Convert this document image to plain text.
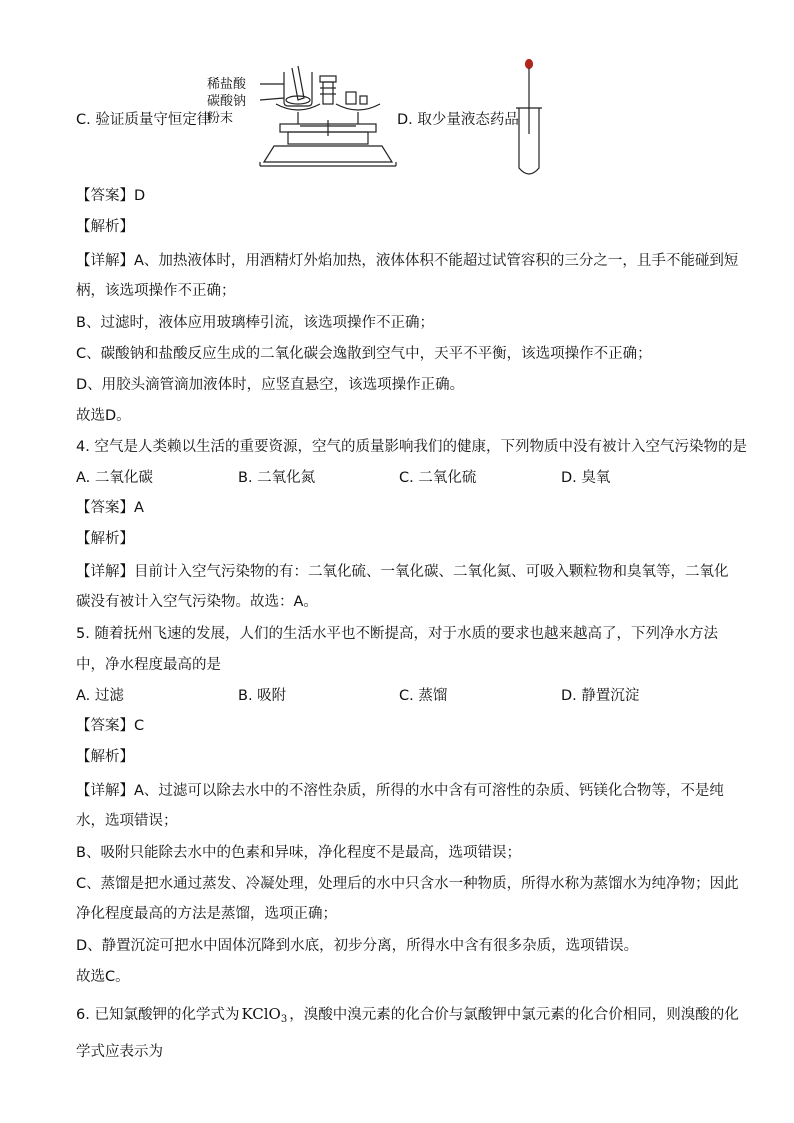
C. 验证质量守恒定律
稀盐酸
碳酸钠
粉末	D. 取少量液态药品
【答案】D
【解析】
【详解】A、加热液体时，用酒精灯外焰加热，液体体积不能超过试管容积的三分之一，且手不能碰到短
柄，该选项操作不正确；
B、过滤时，液体应用玻璃棒引流，该选项操作不正确；
C、碳酸钠和盐酸反应生成的二氧化碳会逸散到空气中，天平不平衡，该选项操作不正确；
D、用胶头滴管滴加液体时，应竖直悬空，该选项操作正确。
故选D。
4. 空气是人类赖以生活的重要资源，空气的质量影响我们的健康，下列物质中没有被计入空气污染物的是
A. 二氧化碳	B. 二氧化氮	C. 二氧化硫	D. 臭氧
【答案】A
【解析】
【详解】目前计入空气污染物的有：二氧化硫、一氧化碳、二氧化氮、可吸入颗粒物和臭氧等，二氧化
碳没有被计入空气污染物。故选：A。
5. 随着抚州飞速的发展，人们的生活水平也不断提高，对于水质的要求也越来越高了，下列净水方法
中，净水程度最高的是
A. 过滤	B. 吸附	C. 蒸馏	D. 静置沉淀
【答案】C
【解析】
【详解】A、过滤可以除去水中的不溶性杂质，所得的水中含有可溶性的杂质、钙镁化合物等，不是纯
水，选项错误；
B、吸附只能除去水中的色素和异味，净化程度不是最高，选项错误；
C、蒸馏是把水通过蒸发、冷凝处理，处理后的水中只含水一种物质，所得水称为蒸馏水为纯净物；因此
净化程度最高的方法是蒸馏，选项正确；
D、静置沉淀可把水中固体沉降到水底，初步分离，所得水中含有很多杂质，选项错误。
故选C。
6. 已知氯酸钾的化学式为 KClO$_3$ ，溴酸中溴元素的化合价与氯酸钾中氯元素的化合价相同，则溴酸的化
学式应表示为
